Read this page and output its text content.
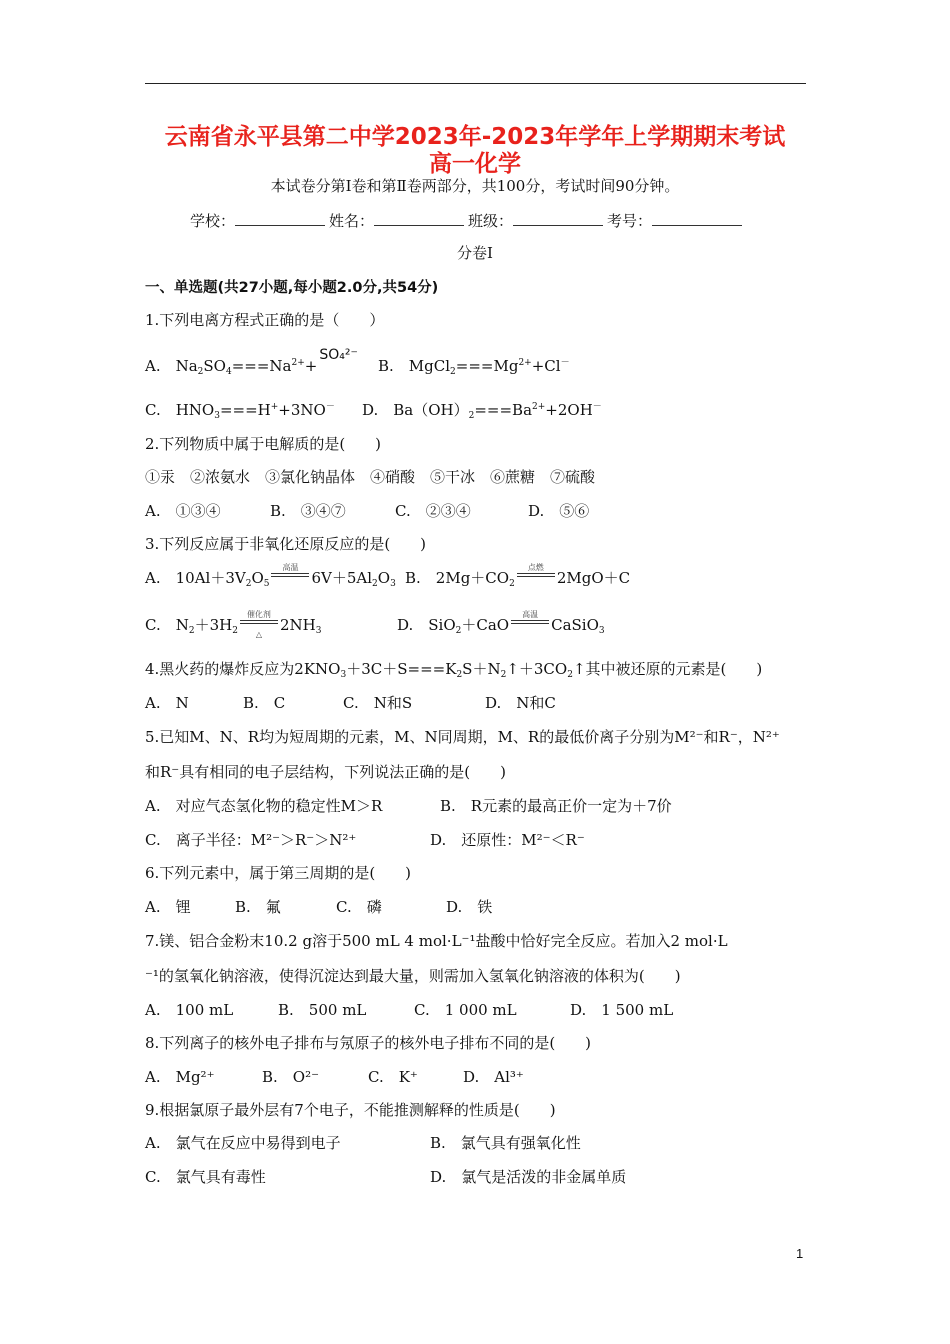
云南省永平县第二中学2023年-2023年学年上学期期末考试
高一化学
本试卷分第Ⅰ卷和第Ⅱ卷两部分，共100分，考试时间90分钟。
学校：	姓名：	班级：	考号：
分卷Ⅰ
一、单选题(共27小题,每小题2.0分,共54分)
1.下列电离方程式正确的是（　　）
A.　$Na_2SO_4===Na^{2+}+SO_4^{2-}$
B.　$MgCl_2===Mg^{2+}+Cl^-$
C.　$HNO_3===H^++3NO^-$ D.　$Ba(OH)_2===Ba^{2+}+2OH^-$
2.下列物质中属于电解质的是(　　)
①汞　②浓氨水　③氯化钠晶体　④硝酸　⑤干冰　⑥蔗糖　⑦硫酸
A.　①③④	B.　③④⑦	C.　②③④	D.　⑤⑥
3.下列反应属于非氧化还原反应的是(　　)
A.　$10Al+3V_2O_5$
高温
$6V+5Al_2O_3$ B.　$2Mg+CO_2$
点燃
2MgO＋C
C.　$N_2+3H_2$
催化剂
△
$2NH_3$	D.　SiO$_2$＋CaO
高温
CaSiO$_3$
4.黑火药的爆炸反应为$2KNO_3+3C+S===K_2S+N_2↑+3CO_2↑$其中被还原的元素是(　　)
A.　N	B.　C	C.　N和S	D.　N和C
5.已知M、N、R均为短周期的元素，M、N同周期，M、R的最低价离子分别为M²⁻和R⁻，N²⁺
和R⁻具有相同的电子层结构，下列说法正确的是(　　)
A.　对应气态氢化物的稳定性M＞R	B.　R元素的最高正价一定为＋7价
C.　离子半径：M²⁻＞R⁻＞N²⁺	D.　还原性：M²⁻＜R⁻
6.下列元素中，属于第三周期的是(　　)
A.　锂	B.　氟	C.　磷	D.　铁
7.镁、铝合金粉末10.2 g溶于500 mL 4 mol·L⁻¹盐酸中恰好完全反应。若加入2 mol·L
⁻¹的氢氧化钠溶液，使得沉淀达到最大量，则需加入氢氧化钠溶液的体积为(　　)
A.　100 mL	B.　500 mL	C.　1 000 mL	D.　1 500 mL
8.下列离子的核外电子排布与氖原子的核外电子排布不同的是(　　)
A.　Mg²⁺	B.　O²⁻	C.　K⁺	D.　Al³⁺
9.根据氯原子最外层有7个电子，不能推测解释的性质是(　　)
A.　氯气在反应中易得到电子	B.　氯气具有强氧化性
C.　氯气具有毒性	D.　氯气是活泼的非金属单质
1
